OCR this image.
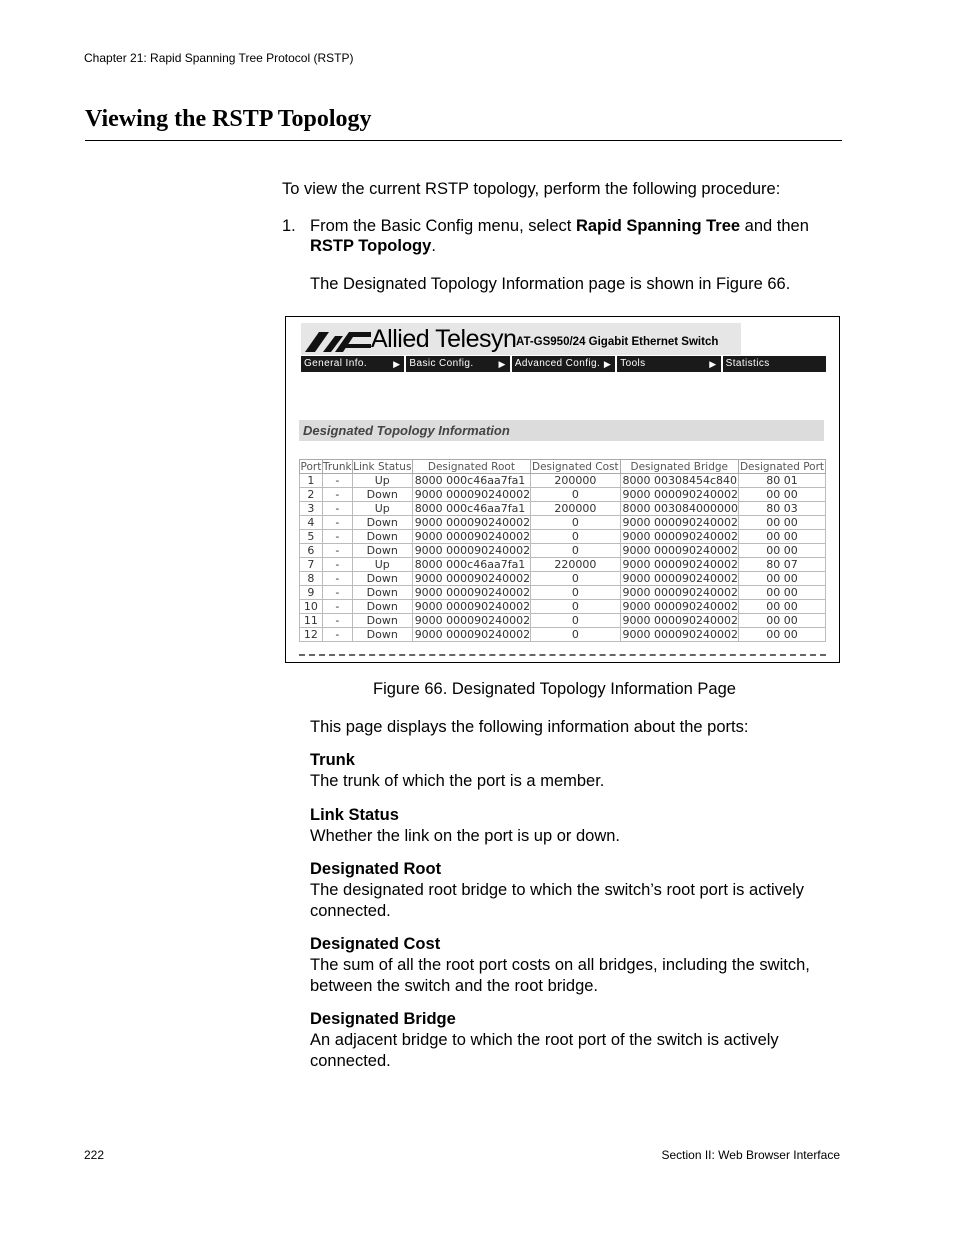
Chapter 21: Rapid Spanning Tree Protocol (RSTP)
Viewing the RSTP Topology
To view the current RSTP topology, perform the following procedure:
1. From the Basic Config menu, select Rapid Spanning Tree and then RSTP Topology.
The Designated Topology Information page is shown in Figure 66.
Allied Telesyn AT-GS950/24 Gigabit Ethernet Switch
General Info.	▶ Basic Config.	▶ Advanced Config. ▶ Tools	▶ Statistics
Designated Topology Information
Port	Trunk	Link Status	Designated Root	Designated Cost	Designated Bridge	Designated Port
1	-	Up	8000 000c46aa7fa1	200000	8000 00308454c840	80 01
2	-	Down	9000 000090240002	0	9000 000090240002	00 00
3	-	Up	8000 000c46aa7fa1	200000	8000 003084000000	80 03
4	-	Down	9000 000090240002	0	9000 000090240002	00 00
5	-	Down	9000 000090240002	0	9000 000090240002	00 00
6	-	Down	9000 000090240002	0	9000 000090240002	00 00
7	-	Up	8000 000c46aa7fa1	220000	9000 000090240002	80 07
8	-	Down	9000 000090240002	0	9000 000090240002	00 00
9	-	Down	9000 000090240002	0	9000 000090240002	00 00
10	-	Down	9000 000090240002	0	9000 000090240002	00 00
11	-	Down	9000 000090240002	0	9000 000090240002	00 00
12	-	Down	9000 000090240002	0	9000 000090240002	00 00
Figure 66. Designated Topology Information Page
This page displays the following information about the ports:
Trunk
The trunk of which the port is a member.
Link Status
Whether the link on the port is up or down.
Designated Root
The designated root bridge to which the switch’s root port is actively connected.
Designated Cost
The sum of all the root port costs on all bridges, including the switch, between the switch and the root bridge.
Designated Bridge
An adjacent bridge to which the root port of the switch is actively connected.
222	Section II: Web Browser Interface
